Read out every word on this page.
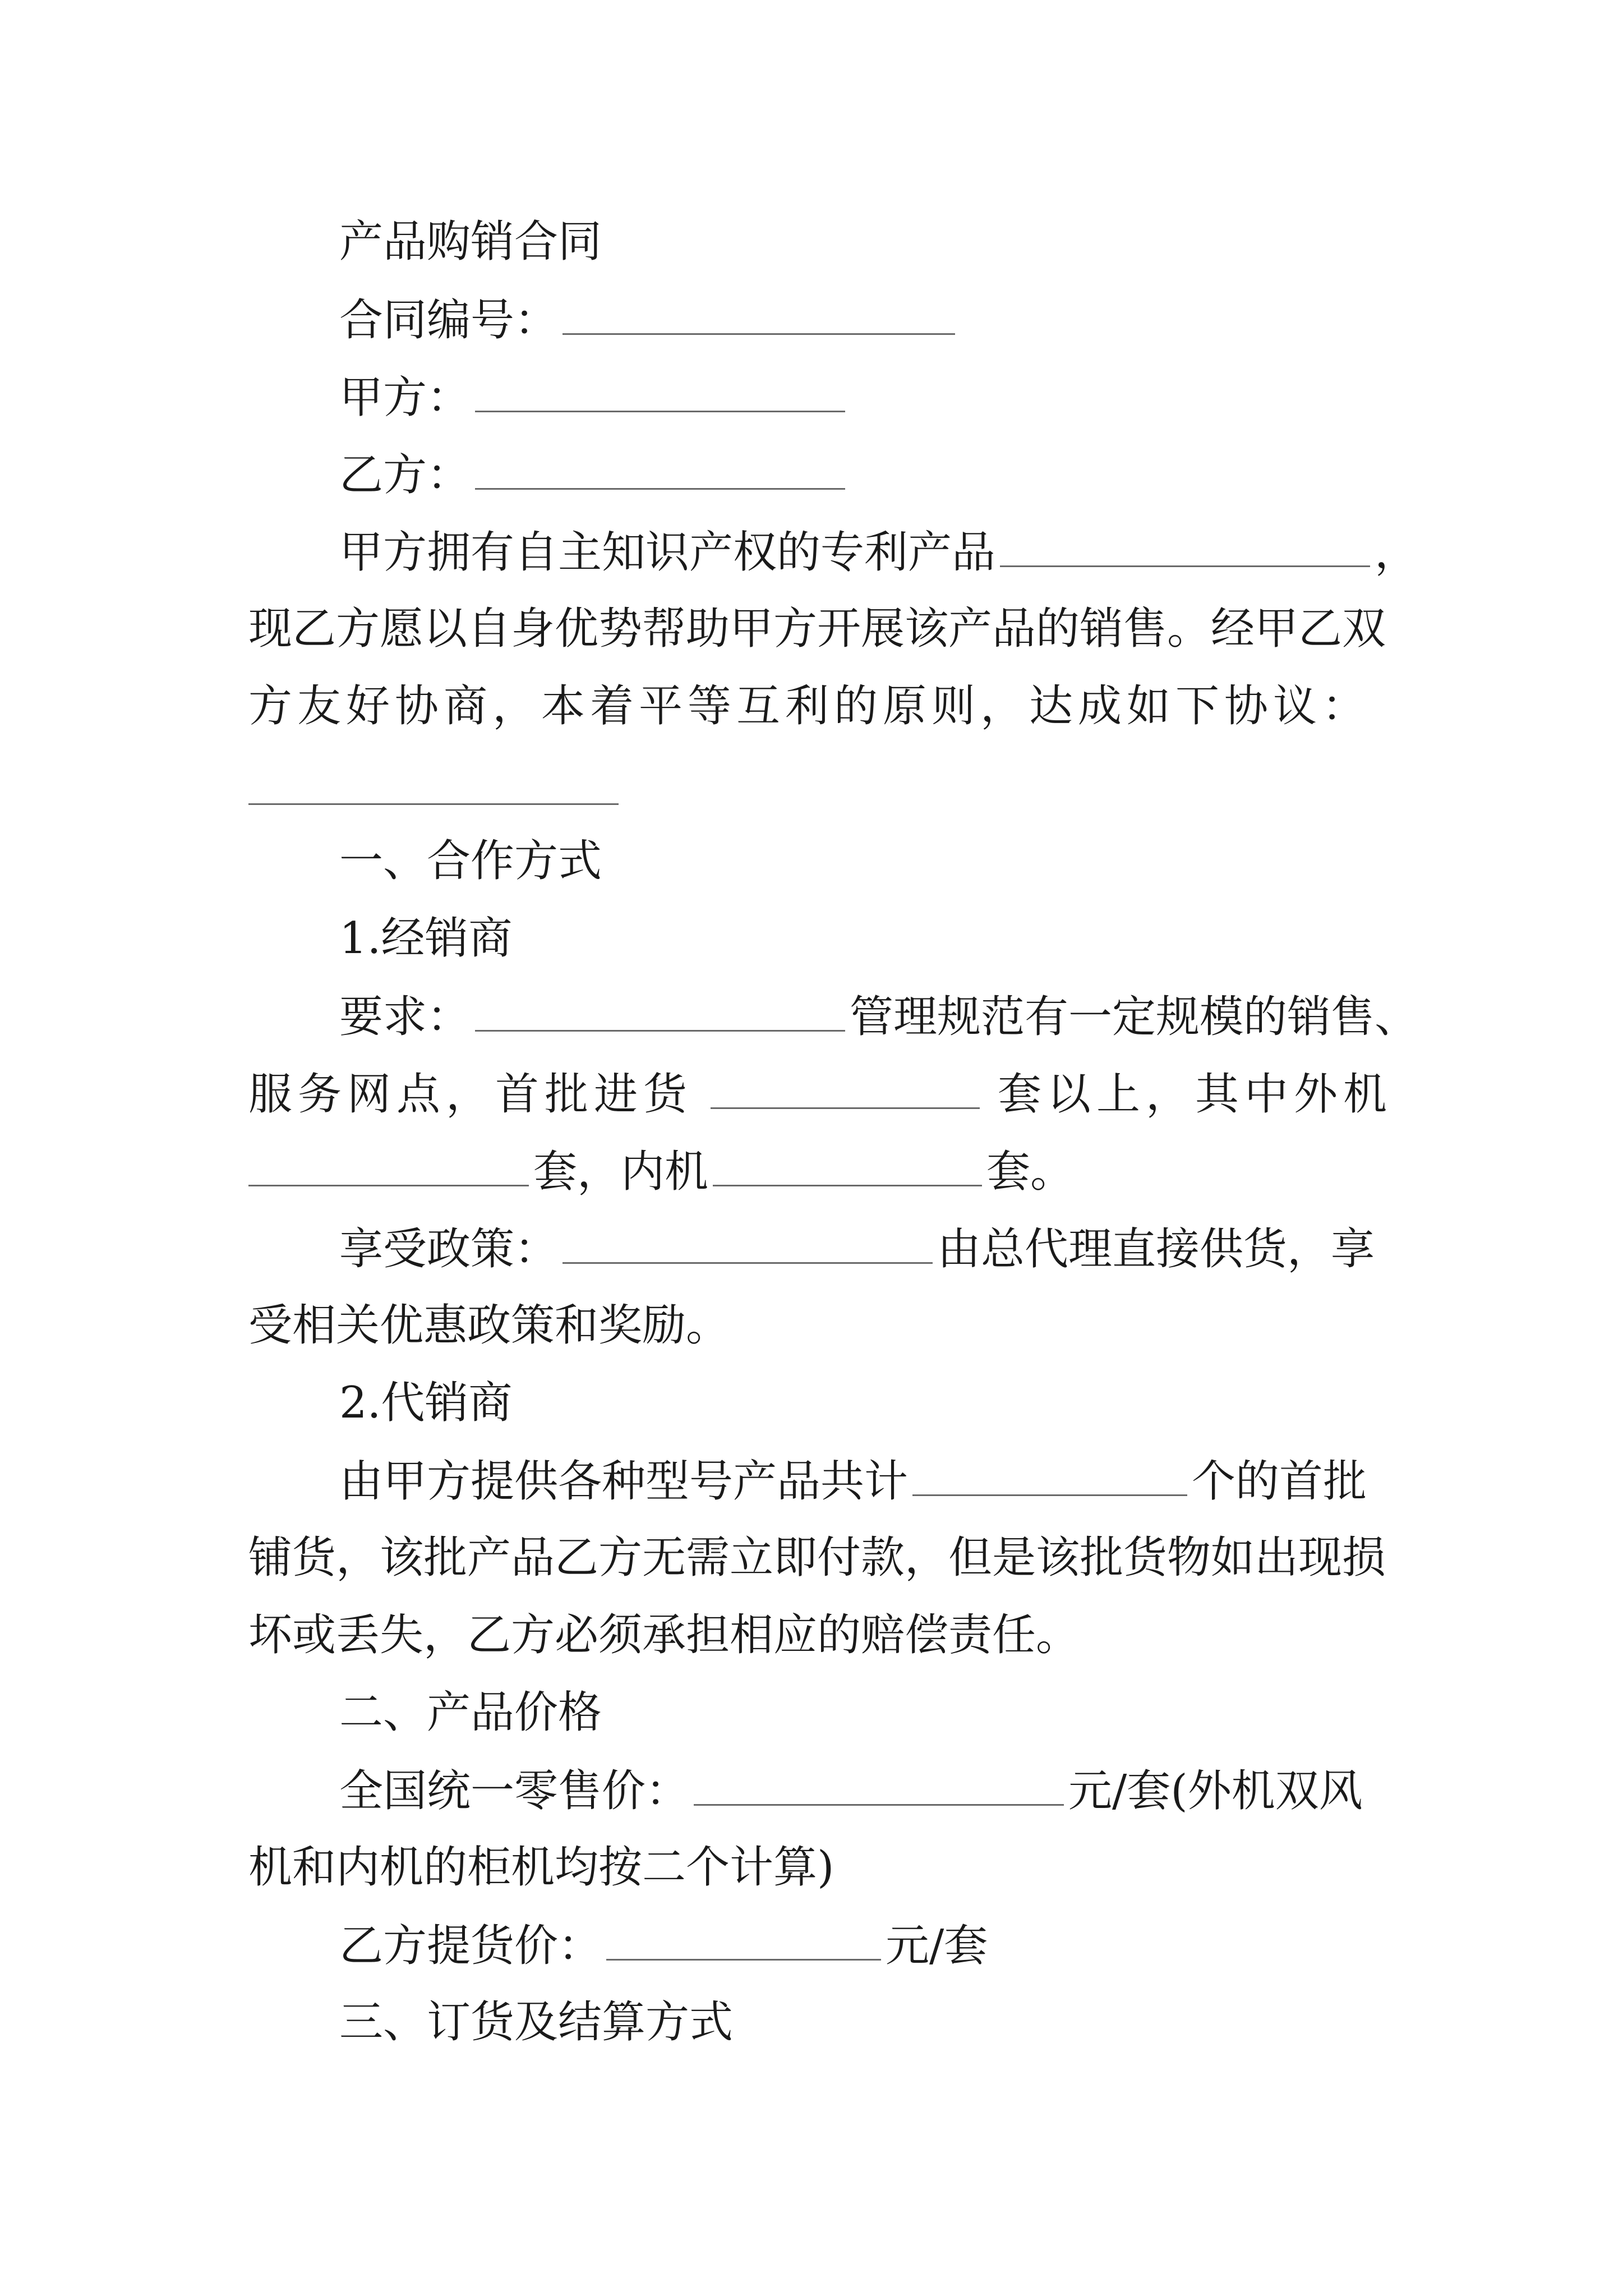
产品购销合同
合同编号：
甲方：
乙方：
甲方拥有自主知识产权的专利产品	，
现乙方愿以自身优势帮助甲方开展该产品的销售。经甲乙双
方友好协商，本着平等互利的原则，达成如下协议：
一、合作方式
1.经销商
要求：	管理规范有一定规模的销售、
服务网点，首批进货	套以上，其中外机
套，内机	套。
享受政策：	由总代理直接供货，享
受相关优惠政策和奖励。
2.代销商
由甲方提供各种型号产品共计	个的首批
铺货，该批产品乙方无需立即付款，但是该批货物如出现损
坏或丢失，乙方必须承担相应的赔偿责任。
二、产品价格
全国统一零售价：	元/套(外机双风
机和内机的柜机均按二个计算)
乙方提货价：	元/套
三、订货及结算方式
